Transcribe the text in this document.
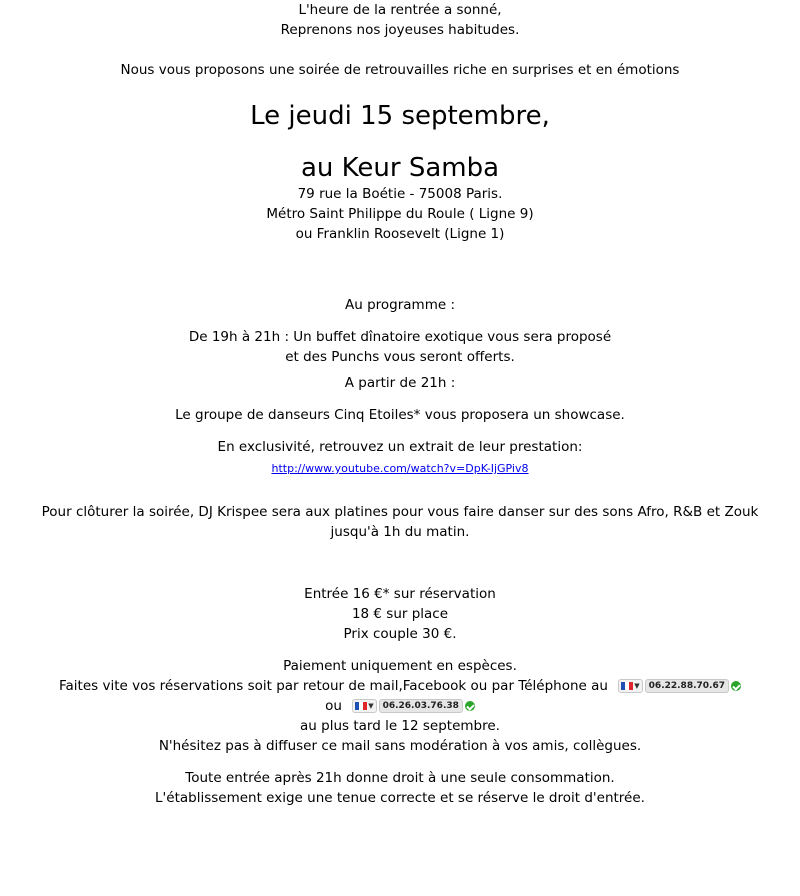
L'heure de la rentrée a sonné,
Reprenons nos joyeuses habitudes.
Nous vous proposons une soirée de retrouvailles riche en surprises et en émotions
Le jeudi 15 septembre,
au Keur Samba
79 rue la Boétie - 75008 Paris.
Métro Saint Philippe du Roule ( Ligne 9)
ou Franklin Roosevelt (Ligne 1)
Au programme :
De 19h à 21h : Un buffet dînatoire exotique vous sera proposé
et des Punchs vous seront offerts.
A partir de 21h :
Le groupe de danseurs Cinq Etoiles* vous proposera un showcase.
En exclusivité, retrouvez un extrait de leur prestation:
http://www.youtube.com/watch?v=DpK-IjGPiv8
Pour clôturer la soirée, DJ Krispee sera aux platines pour vous faire danser sur des sons Afro, R&B et Zouk
jusqu'à 1h du matin.
Entrée 16 €* sur réservation
18 € sur place
Prix couple 30 €.
Paiement uniquement en espèces.
Faites vite vos réservations soit par retour de mail,Facebook ou par Téléphone au	▼	06.22.88.70.67
ou	▼	06.26.03.76.38
au plus tard le 12 septembre.
N'hésitez pas à diffuser ce mail sans modération à vos amis, collègues.
Toute entrée après 21h donne droit à une seule consommation.
L'établissement exige une tenue correcte et se réserve le droit d'entrée.
